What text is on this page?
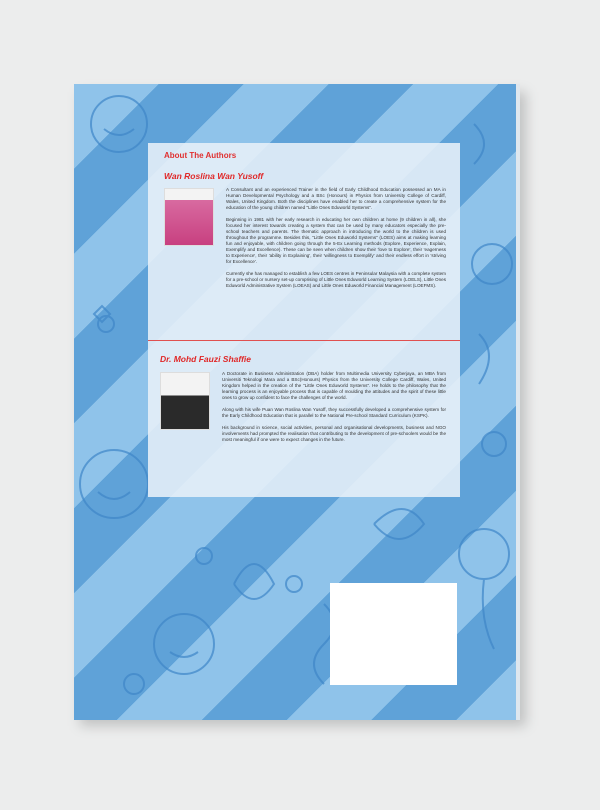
About The Authors
Wan Roslina Wan Yusoff

A Consultant and an experienced Trainer in the field of Early Childhood Education possessed an MA in Human Developmental Psychology and a BSc (Honours) in Physics from University College of Cardiff, Wales, United Kingdom. Both the disciplines have enabled her to create a comprehensive system for the education of the young children named "Little Ones Eduworld Systems".

Beginning in 1981 with her early research in educating her own children at home (9 children in all), she focused her interest towards creating a system that can be used by many educators especially the pre-school teachers and parents. The thematic approach in introducing the world to the children is used throughout the programme. Besides this, "Little Ones Eduworld Systems" (LOES) aims at making learning fun and enjoyable, with children going through the 5-Ex Learning methods (Explore, Experience, Explain, Exemplify and Excellence). These can be seen when children show their 'love to Explore', their 'eagerness to Experience', their 'ability in Explaining', their 'willingness to Exemplify' and their endless effort in 'striving for Excellence'.

Currently she has managed to establish a few LOES centres in Peninsular Malaysia with a complete system for a pre-school or nursery set-up comprising of Little Ones Eduworld Learning System (LOELS), Little Ones Eduworld Administrative System (LOEAS) and Little Ones Eduworld Financial Management (LOEFMS).

Dr. Mohd Fauzi Shaffie

A Doctorate in Business Administration (DBA) holder from Multimedia University Cyberjaya, an MBA from Universiti Teknologi Mara and a BSc(Honours) Physics from the University College Cardiff, Wales, United Kingdom helped in the creation of the "Little Ones Eduworld Systems". He holds to the philosophy that the learning process is an enjoyable process that is capable of moulding the attitudes and the spirit of these little ones to grow up confident to face the challenges of the world.

Along with his wife Puan Wan Roslina Wan Yusoff, they successfully developed a comprehensive system for the Early Childhood Education that is parallel to the National Pre-school Standard Curriculum (KSPK).

His background in science, social activities, personal and organisational developments, business and NGO involvements had prompted the realisation that contributing to the development of pre-schoolers would be the most meaningful if one were to expect changes in the future.
